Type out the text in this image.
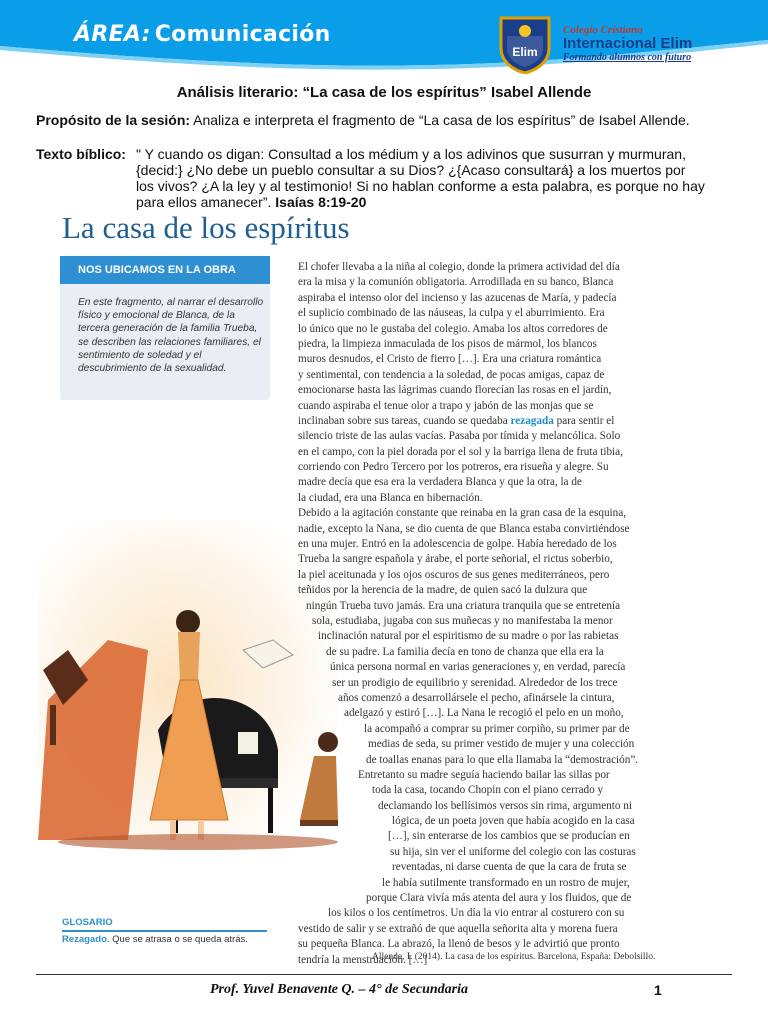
ÁREA: Comunicación
Elim
Colegio Cristiano
Internacional Elim
Formando alumnos con futuro
Análisis literario: “La casa de los espíritus” Isabel Allende
Propósito de la sesión: Analiza e interpreta el fragmento de “La casa de los espíritus” de Isabel Allende.
Texto bíblico: " Y cuando os digan: Consultad a los médium y a los adivinos que susurran y murmuran, {decid:} ¿No debe un pueblo consultar a su Dios? ¿{Acaso consultará} a los muertos por los vivos? ¿A la ley y al testimonio! Si no hablan conforme a esta palabra, es porque no hay para ellos amanecer”. Isaías 8:19-20
La casa de los espíritus
NOS UBICAMOS EN LA OBRA
En este fragmento, al narrar el desarrollo físico y emocional de Blanca, de la tercera generación de la familia Trueba, se describen las relaciones familiares, el sentimiento de soledad y el descubrimiento de la sexualidad.
El chofer llevaba a la niña al colegio, donde la primera actividad del día
era la misa y la comunión obligatoria. Arrodillada en su banco, Blanca
aspiraba el intenso olor del incienso y las azucenas de María, y padecía
el suplicio combinado de las náuseas, la culpa y el aburrimiento. Era
lo único que no le gustaba del colegio. Amaba los altos corredores de
piedra, la limpieza inmaculada de los pisos de mármol, los blancos
muros desnudos, el Cristo de fierro […]. Era una criatura romántica
y sentimental, con tendencia a la soledad, de pocas amigas, capaz de
emocionarse hasta las lágrimas cuando florecían las rosas en el jardín,
cuando aspiraba el tenue olor a trapo y jabón de las monjas que se
inclinaban sobre sus tareas, cuando se quedaba rezagada para sentir el
silencio triste de las aulas vacías. Pasaba por tímida y melancólica. Solo
en el campo, con la piel dorada por el sol y la barriga llena de fruta tibia,
corriendo con Pedro Tercero por los potreros, era risueña y alegre. Su
madre decía que esa era la verdadera Blanca y que la otra, la de
la ciudad, era una Blanca en hibernación.
Debido a la agitación constante que reinaba en la gran casa de la esquina,
nadie, excepto la Nana, se dio cuenta de que Blanca estaba convirtiéndose
en una mujer. Entró en la adolescencia de golpe. Había heredado de los
Trueba la sangre española y árabe, el porte señorial, el rictus soberbio,
la piel aceitunada y los ojos oscuros de sus genes mediterráneos, pero
teñidos por la herencia de la madre, de quien sacó la dulzura que
ningún Trueba tuvo jamás. Era una criatura tranquila que se entretenía
sola, estudiaba, jugaba con sus muñecas y no manifestaba la menor
inclinación natural por el espiritismo de su madre o por las rabietas
de su padre. La familia decía en tono de chanza que ella era la
única persona normal en varias generaciones y, en verdad, parecía
ser un prodigio de equilibrio y serenidad. Alrededor de los trece
años comenzó a desarrollársele el pecho, afinársele la cintura,
adelgazó y estiró […]. La Nana le recogió el pelo en un moño,
la acompañó a comprar su primer corpiño, su primer par de
medias de seda, su primer vestido de mujer y una colección
de toallas enanas para lo que ella llamaba la “demostración”.
Entretanto su madre seguía haciendo bailar las sillas por
toda la casa, tocando Chopin con el piano cerrado y
declamando los bellísimos versos sin rima, argumento ni
lógica, de un poeta joven que había acogido en la casa
[…], sin enterarse de los cambios que se producían en
su hija, sin ver el uniforme del colegio con las costuras
reventadas, ni darse cuenta de que la cara de fruta se
le había sutilmente transformado en un rostro de mujer,
porque Clara vivía más atenta del aura y los fluidos, que de
los kilos o los centímetros. Un día la vio entrar al costurero con su
vestido de salir y se extrañó de que aquella señorita alta y morena fuera
su pequeña Blanca. La abrazó, la llenó de besos y le advirtió que pronto
tendría la menstruación. […]
GLOSARIO
Rezagado. Que se atrasa o se queda atrás.
Allende, I. (2014). La casa de los espíritus. Barcelona, España: Debolsillo.
Prof. Yuvel Benavente Q. – 4° de Secundaria	1
